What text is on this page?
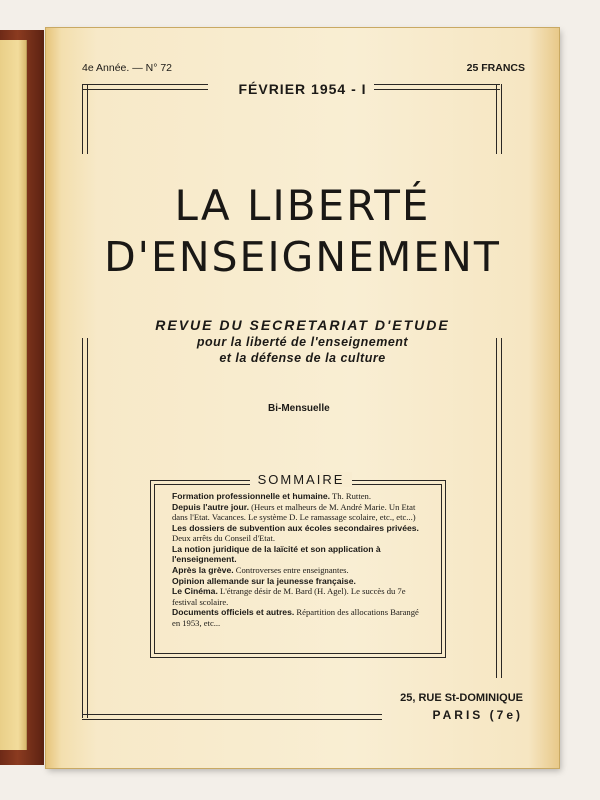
4e Année. — N° 72	25 FRANCS
FÉVRIER 1954 - I
LA LIBERTÉ
D'ENSEIGNEMENT
REVUE DU SECRETARIAT D'ETUDE
pour la liberté de l'enseignement
et la défense de la culture
Bi-Mensuelle
SOMMAIRE
Formation professionnelle et humaine. Th. Rutten.
Depuis l'autre jour. (Heurs et malheurs de M. André Marie. Un Etat dans l'Etat. Vacances. Le système D. Le ramassage scolaire, etc., etc...)
Les dossiers de subvention aux écoles secondaires privées. Deux arrêts du Conseil d'Etat.
La notion juridique de la laïcité et son application à l'enseignement.
Après la grève. Controverses entre enseignantes.
Opinion allemande sur la jeunesse française.
Le Cinéma. L'étrange désir de M. Bard (H. Agel). Le succès du 7e festival scolaire.
Documents officiels et autres. Répartition des allocations Barangé en 1953, etc...
25, RUE St-DOMINIQUE
PARIS (7e)
